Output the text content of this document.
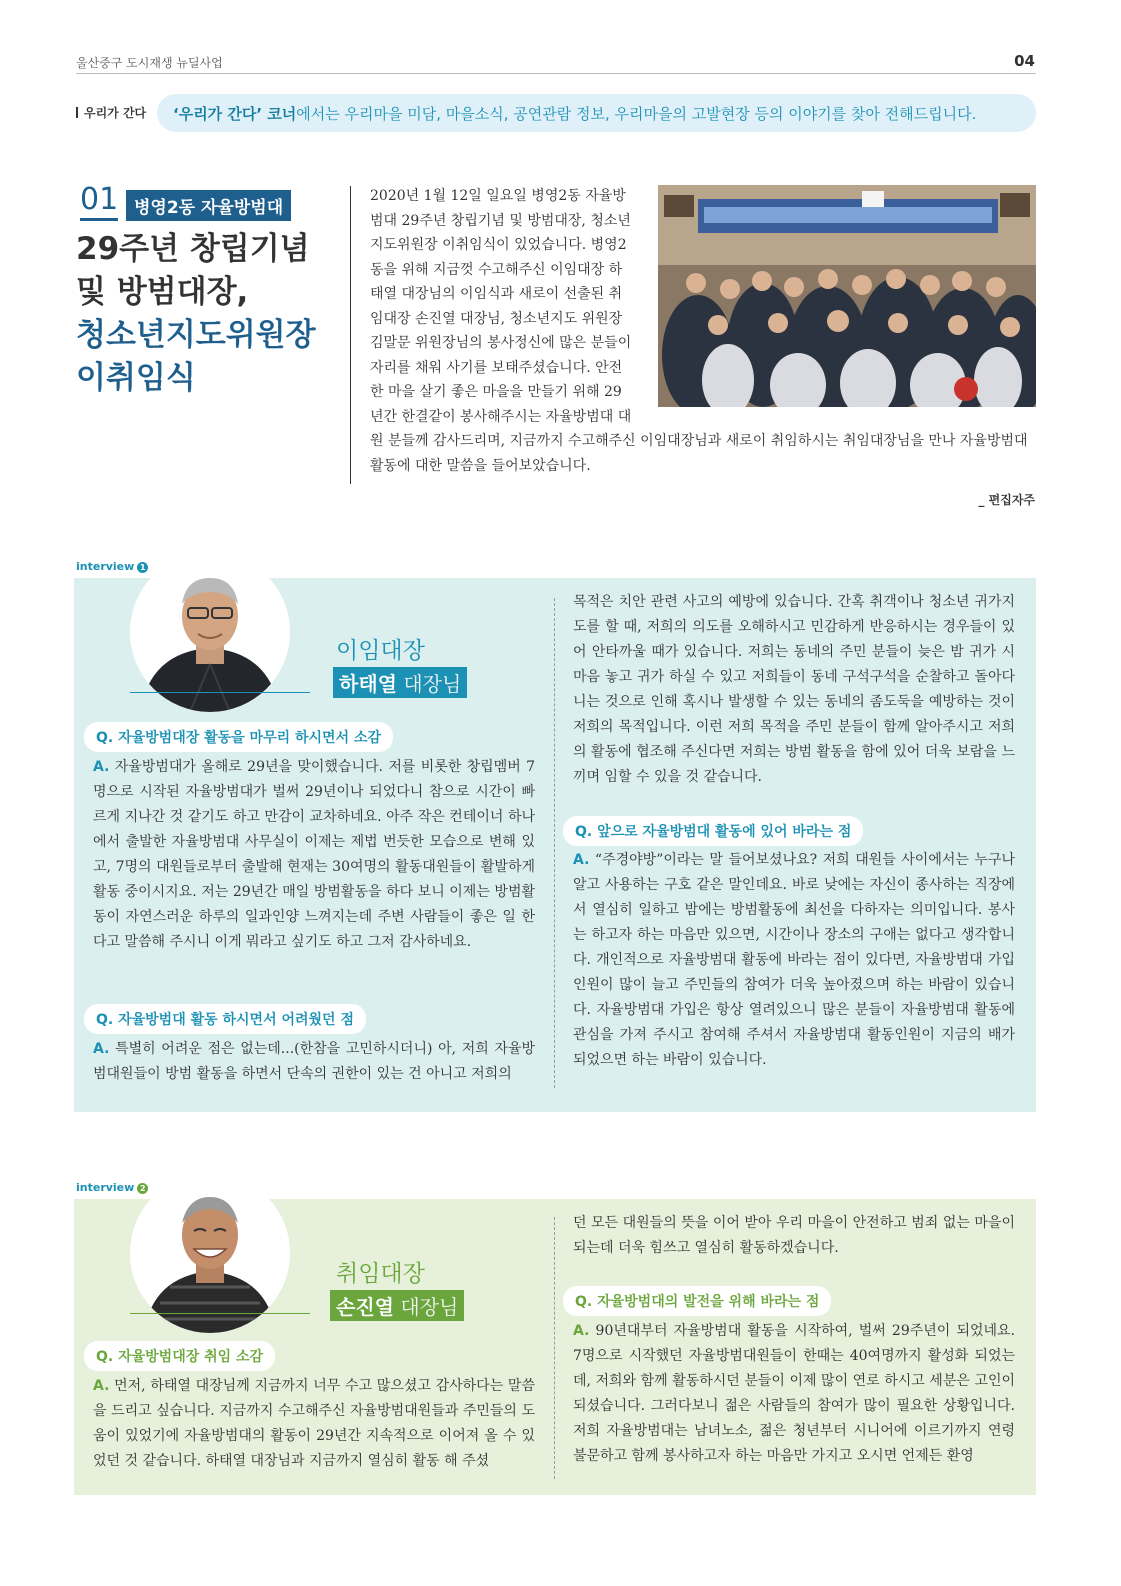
울산중구 도시재생 뉴딜사업	04
우리가 간다	‘우리가 간다’ 코너에서는 우리마을 미담, 마을소식, 공연관람 정보, 우리마을의 고발현장 등의 이야기를 찾아 전해드립니다.
01 병영2동 자율방범대
29주년 창립기념
및 방범대장,
청소년지도위원장
이취임식
2020년 1월 12일 일요일 병영2동 자율방범대 29주년 창립기념 및 방범대장, 청소년지도위원장 이취임식이 있었습니다. 병영2동을 위해 지금껏 수고해주신 이임대장 하태열 대장님의 이임식과 새로이 선출된 취임대장 손진열 대장님, 청소년지도 위원장 김말문 위원장님의 봉사정신에 많은 분들이 자리를 채워 사기를 보태주셨습니다. 안전한 마을 살기 좋은 마을을 만들기 위해 29년간 한결같이 봉사해주시는 자율방범대 대원 분들께 감사드리며, 지금까지 수고해주신 이임대장님과 새로이 취임하시는 취임대장님을 만나 자율방범대 활동에 대한 말씀을 들어보았습니다.
_ 편집자주
interview 1
이임대장
하태열 대장님
Q. 자율방범대장 활동을 마무리 하시면서 소감
A. 자율방범대가 올해로 29년을 맞이했습니다. 저를 비롯한 창립멤버 7명으로 시작된 자율방범대가 벌써 29년이나 되었다니 참으로 시간이 빠르게 지나간 것 같기도 하고 만감이 교차하네요. 아주 작은 컨테이너 하나에서 출발한 자율방범대 사무실이 이제는 제법 번듯한 모습으로 변해 있고, 7명의 대원들로부터 출발해 현재는 30여명의 활동대원들이 활발하게 활동 중이시지요. 저는 29년간 매일 방범활동을 하다 보니 이제는 방범활동이 자연스러운 하루의 일과인양 느껴지는데 주변 사람들이 좋은 일 한다고 말씀해 주시니 이게 뭐라고 싶기도 하고 그저 감사하네요.
Q. 자율방범대 활동 하시면서 어려웠던 점
A. 특별히 어려운 점은 없는데...(한참을 고민하시더니) 아, 저희 자율방범대원들이 방범 활동을 하면서 단속의 권한이 있는 건 아니고 저희의
목적은 치안 관련 사고의 예방에 있습니다. 간혹 취객이나 청소년 귀가지도를 할 때, 저희의 의도를 오해하시고 민감하게 반응하시는 경우들이 있어 안타까울 때가 있습니다. 저희는 동네의 주민 분들이 늦은 밤 귀가 시 마음 놓고 귀가 하실 수 있고 저희들이 동네 구석구석을 순찰하고 돌아다니는 것으로 인해 혹시나 발생할 수 있는 동네의 좀도둑을 예방하는 것이 저희의 목적입니다. 이런 저희 목적을 주민 분들이 함께 알아주시고 저희의 활동에 협조해 주신다면 저희는 방범 활동을 함에 있어 더욱 보람을 느끼며 임할 수 있을 것 같습니다.
Q. 앞으로 자율방범대 활동에 있어 바라는 점
A. “주경야방”이라는 말 들어보셨나요? 저희 대원들 사이에서는 누구나 알고 사용하는 구호 같은 말인데요. 바로 낮에는 자신이 종사하는 직장에서 열심히 일하고 밤에는 방범활동에 최선을 다하자는 의미입니다. 봉사는 하고자 하는 마음만 있으면, 시간이나 장소의 구애는 없다고 생각합니다. 개인적으로 자율방범대 활동에 바라는 점이 있다면, 자율방범대 가입인원이 많이 늘고 주민들의 참여가 더욱 높아졌으며 하는 바람이 있습니다. 자율방범대 가입은 항상 열려있으니 많은 분들이 자율방범대 활동에 관심을 가져 주시고 참여해 주셔서 자율방범대 활동인원이 지금의 배가 되었으면 하는 바람이 있습니다.
interview 2
취임대장
손진열 대장님
Q. 자율방범대장 취임 소감
A. 먼저, 하태열 대장님께 지금까지 너무 수고 많으셨고 감사하다는 말씀을 드리고 싶습니다. 지금까지 수고해주신 자율방범대원들과 주민들의 도움이 있었기에 자율방범대의 활동이 29년간 지속적으로 이어져 올 수 있었던 것 같습니다. 하태열 대장님과 지금까지 열심히 활동 해 주셨
던 모든 대원들의 뜻을 이어 받아 우리 마을이 안전하고 범죄 없는 마을이 되는데 더욱 힘쓰고 열심히 활동하겠습니다.
Q. 자율방범대의 발전을 위해 바라는 점
A. 90년대부터 자율방범대 활동을 시작하여, 벌써 29주년이 되었네요. 7명으로 시작했던 자율방범대원들이 한때는 40여명까지 활성화 되었는데, 저희와 함께 활동하시던 분들이 이제 많이 연로 하시고 세분은 고인이 되셨습니다. 그러다보니 젊은 사람들의 참여가 많이 필요한 상황입니다. 저희 자율방범대는 남녀노소, 젊은 청년부터 시니어에 이르기까지 연령 불문하고 함께 봉사하고자 하는 마음만 가지고 오시면 언제든 환영
